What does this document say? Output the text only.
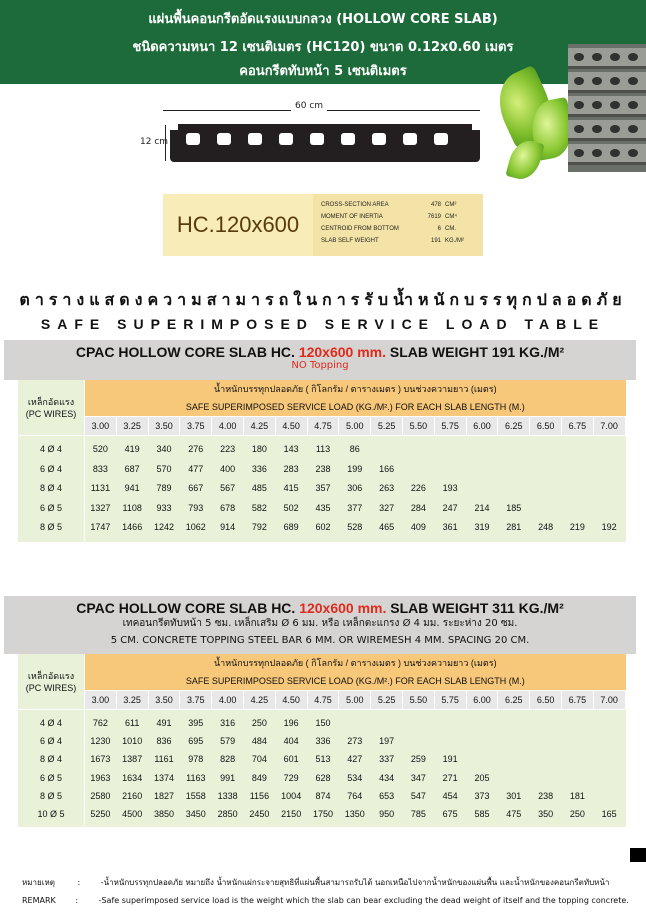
แผ่นพื้นคอนกรีตอัดแรงแบบกลวง (HOLLOW CORE SLAB)
ชนิดความหนา 12 เซนติเมตร (HC120) ขนาด 0.12x0.60 เมตร
คอนกรีตทับหน้า 5 เซนติเมตร
60 cm
12 cm
HC.120x600
CROSS-SECTION AREA	478 CM²
MOMENT OF INERTIA	7619 CM⁴
CENTROID FROM BOTTOM	6 CM.
SLAB SELF WEIGHT	191 KG./M²
ตารางแสดงความสามารถในการรับน้ำหนักบรรทุกปลอดภัย
SAFE SUPERIMPOSED SERVICE LOAD TABLE
CPAC HOLLOW CORE SLAB HC. 120x600 mm. SLAB WEIGHT 191 KG./M²
NO Topping
เหล็กอัดแรง
(PC WIRES)
น้ำหนักบรรทุกปลอดภัย ( กิโลกรัม / ตารางเมตร ) บนช่วงความยาว (เมตร)
SAFE SUPERIMPOSED SERVICE LOAD (KG./M².) FOR EACH SLAB LENGTH (M.)
3.00	3.25	3.50	3.75	4.00	4.25	4.50	4.75	5.00	5.25	5.50	5.75	6.00	6.25	6.50	6.75	7.00
4 Ø 4	520	419	340	276	223	180	143	113	86
6 Ø 4	833	687	570	477	400	336	283	238	199	166
8 Ø 4	1131	941	789	667	567	485	415	357	306	263	226	193
6 Ø 5	1327	1108	933	793	678	582	502	435	377	327	284	247	214	185
8 Ø 5	1747	1466	1242	1062	914	792	689	602	528	465	409	361	319	281	248	219	192
CPAC HOLLOW CORE SLAB HC. 120x600 mm. SLAB WEIGHT 311 KG./M²
เทคอนกรีตทับหน้า 5 ซม. เหล็กเสริม Ø 6 มม. หรือ เหล็กตะแกรง Ø 4 มม. ระยะห่าง 20 ซม.
5 CM. CONCRETE TOPPING STEEL BAR 6 MM. OR WIREMESH 4 MM. SPACING 20 CM.
เหล็กอัดแรง
(PC WIRES)
น้ำหนักบรรทุกปลอดภัย ( กิโลกรัม / ตารางเมตร ) บนช่วงความยาว (เมตร)
SAFE SUPERIMPOSED SERVICE LOAD (KG./M².) FOR EACH SLAB LENGTH (M.)
3.00	3.25	3.50	3.75	4.00	4.25	4.50	4.75	5.00	5.25	5.50	5.75	6.00	6.25	6.50	6.75	7.00
4 Ø 4	762	611	491	395	316	250	196	150
6 Ø 4	1230	1010	836	695	579	484	404	336	273	197
8 Ø 4	1673	1387	1161	978	828	704	601	513	427	337	259	191
6 Ø 5	1963	1634	1374	1163	991	849	729	628	534	434	347	271	205
8 Ø 5	2580	2160	1827	1558	1338	1156	1004	874	764	653	547	454	373	301	238	181
10 Ø 5	5250	4500	3850	3450	2850	2450	2150	1750	1350	950	785	675	585	475	350	250	165
หมายเหตุ	:	-น้ำหนักบรรทุกปลอดภัย หมายถึง น้ำหนักแผ่กระจายสุทธิที่แผ่นพื้นสามารถรับได้ นอกเหนือไปจากน้ำหนักของแผ่นพื้น และน้ำหนักของคอนกรีตทับหน้า
REMARK :	-Safe superimposed service load is the weight which the slab can bear excluding the dead weight of itself and the topping concrete.
